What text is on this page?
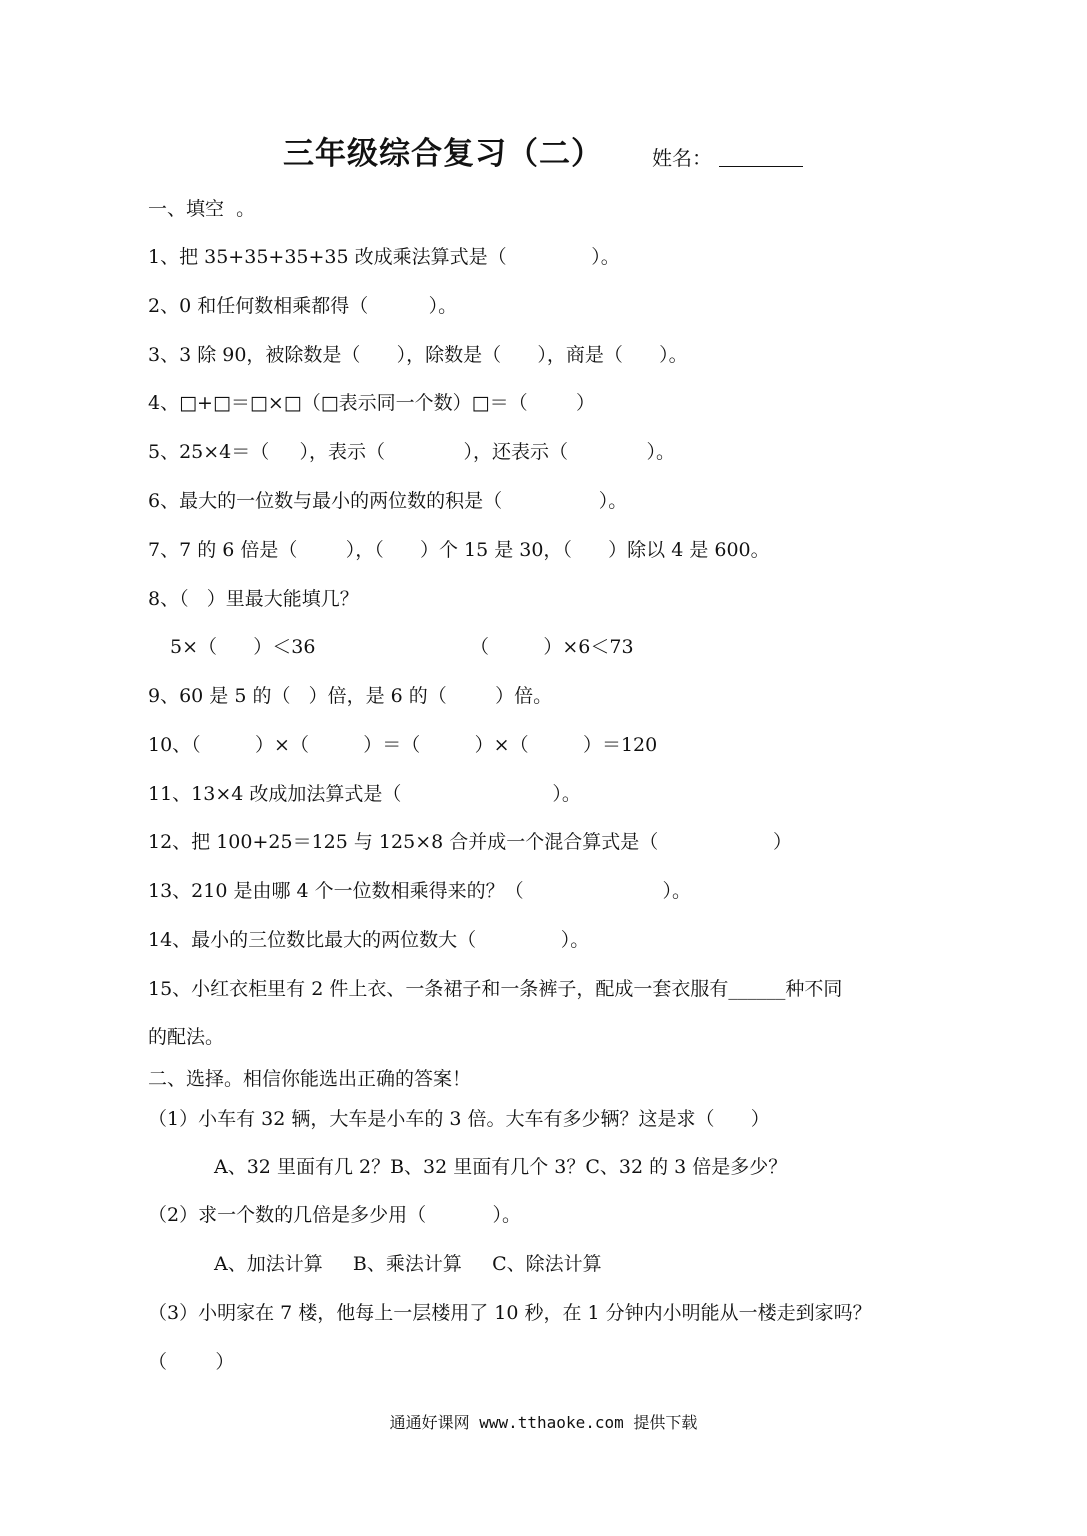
三年级综合复习（二） 姓名：
一、填空  。
1、把 35+35+35+35 改成乘法算式是（              ）。
2、0 和任何数相乘都得（          ）。
3、3 除 90，被除数是（      ），除数是（      ），商是（      ）。
4、□+□＝□×□（□表示同一个数）□＝（        ）
5、25×4＝（     ），表示（             ），还表示（             ）。
6、最大的一位数与最小的两位数的积是（                ）。
7、7 的 6 倍是（        ），（      ）个 15 是 30，（      ）除以 4 是 600。
8、（   ）里最大能填几？
5×（      ）＜36	（         ）×6＜73
9、60 是 5 的（   ）倍，是 6 的（        ）倍。
10、（         ）×（         ）＝（         ）×（         ）＝120
11、13×4 改成加法算式是（                         ）。
12、把 100+25＝125 与 125×8 合并成一个混合算式是（                   ）
13、210 是由哪 4 个一位数相乘得来的？（                       ）。
14、最小的三位数比最大的两位数大（              ）。
15、小红衣柜里有 2 件上衣、一条裙子和一条裤子，配成一套衣服有______种不同
的配法。
二、选择。相信你能选出正确的答案！
（1）小车有 32 辆，大车是小车的 3 倍。大车有多少辆？这是求（      ）
A、32 里面有几 2？B、32 里面有几个 3？C、32 的 3 倍是多少？
（2）求一个数的几倍是多少用（           ）。
A、加法计算     B、乘法计算     C、除法计算
（3）小明家在 7 楼，他每上一层楼用了 10 秒，在 1 分钟内小明能从一楼走到家吗？
（        ）
通通好课网 www.tthaoke.com 提供下载
